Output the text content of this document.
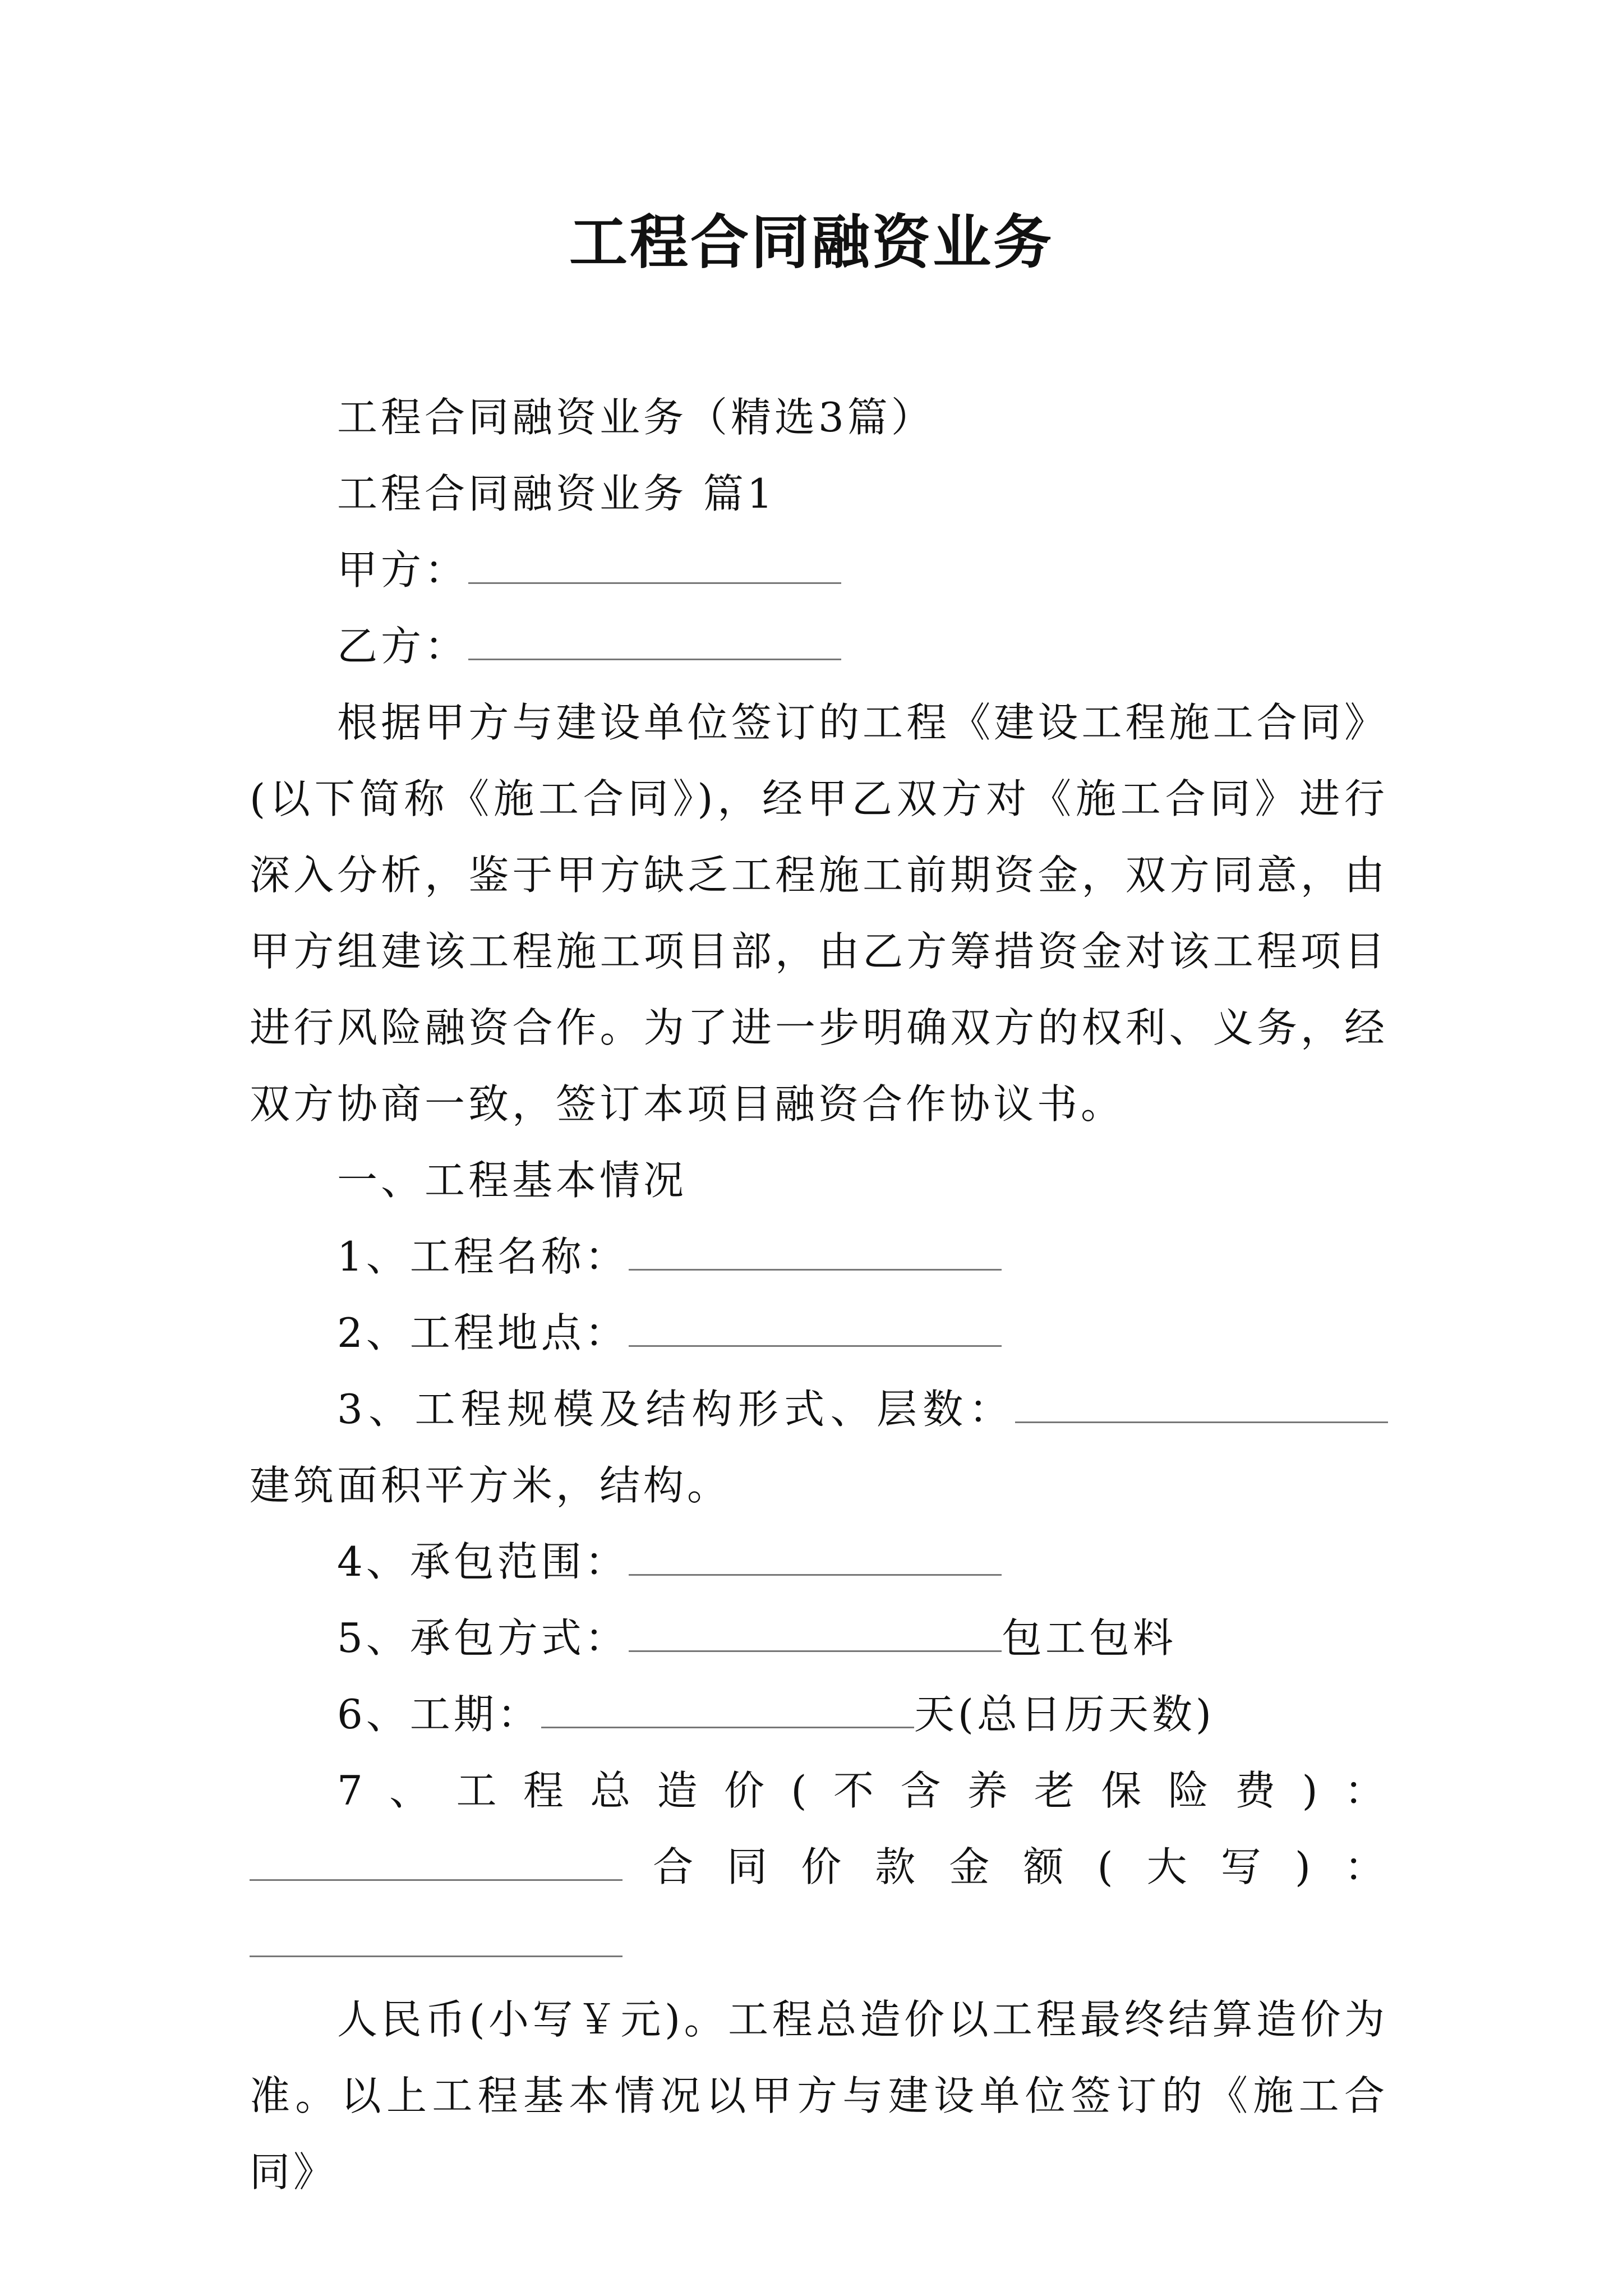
工程合同融资业务

工程合同融资业务（精选3篇）

工程合同融资业务 篇1

甲方：

乙方：

根据甲方与建设单位签订的工程《建设工程施工合同》(以下简称《施工合同》)，经甲乙双方对《施工合同》进行深入分析，鉴于甲方缺乏工程施工前期资金，双方同意，由甲方组建该工程施工项目部，由乙方筹措资金对该工程项目进行风险融资合作。为了进一步明确双方的权利、义务，经双方协商一致，签订本项目融资合作协议书。

一、工程基本情况

1、工程名称：

2、工程地点：

3、工程规模及结构形式、层数：建筑面积平方米，结构。

4、承包范围：

5、承包方式：	包工包料

6、工期：	天(总日历天数)

7、工程总造价(不含养老保险费)：合同价款金额(大写)：

人民币(小写￥元)。工程总造价以工程最终结算造价为准。以上工程基本情况以甲方与建设单位签订的《施工合同》
